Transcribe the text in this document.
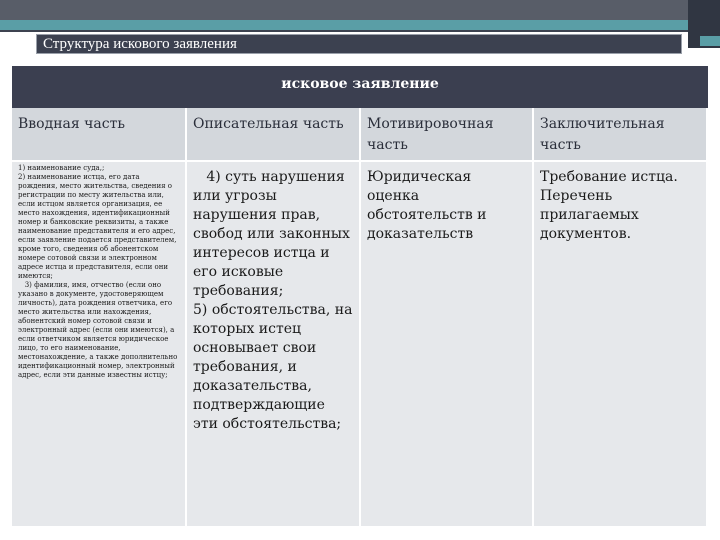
Структура искового заявления
исковое заявление
Вводная часть	Описательная часть	Мотивировочная часть
Заключительная часть
1) наименование суда,;
2) наименование истца, его дата рождения, место жительства, сведения о регистрации по месту жительства или, если истцом является организация, ее место нахождения, идентификационный номер и банковские реквизиты, а также наименование представителя и его адрес, если заявление подается представителем, кроме того, сведения об абонентском номере сотовой связи и электронном адресе истца и представителя, если они имеются;
3) фамилия, имя, отчество (если оно указано в документе, удостоверяющем личность), дата рождения ответчика, его место жительства или нахождения, абонентский номер сотовой связи и электронный адрес (если они имеются), а если ответчиком является юридическое лицо, то его наименование, местонахождение, а также дополнительно идентификационный номер, электронный адрес, если эти данные известны истцу;
4) суть нарушения или угрозы нарушения прав, свобод или законных интересов истца и его исковые требования;
5) обстоятельства, на которых истец основывает свои требования, и доказательства, подтверждающие эти обстоятельства;
Юридическая оценка обстоятельств и доказательств
Требование истца. Перечень прилагаемых документов.
